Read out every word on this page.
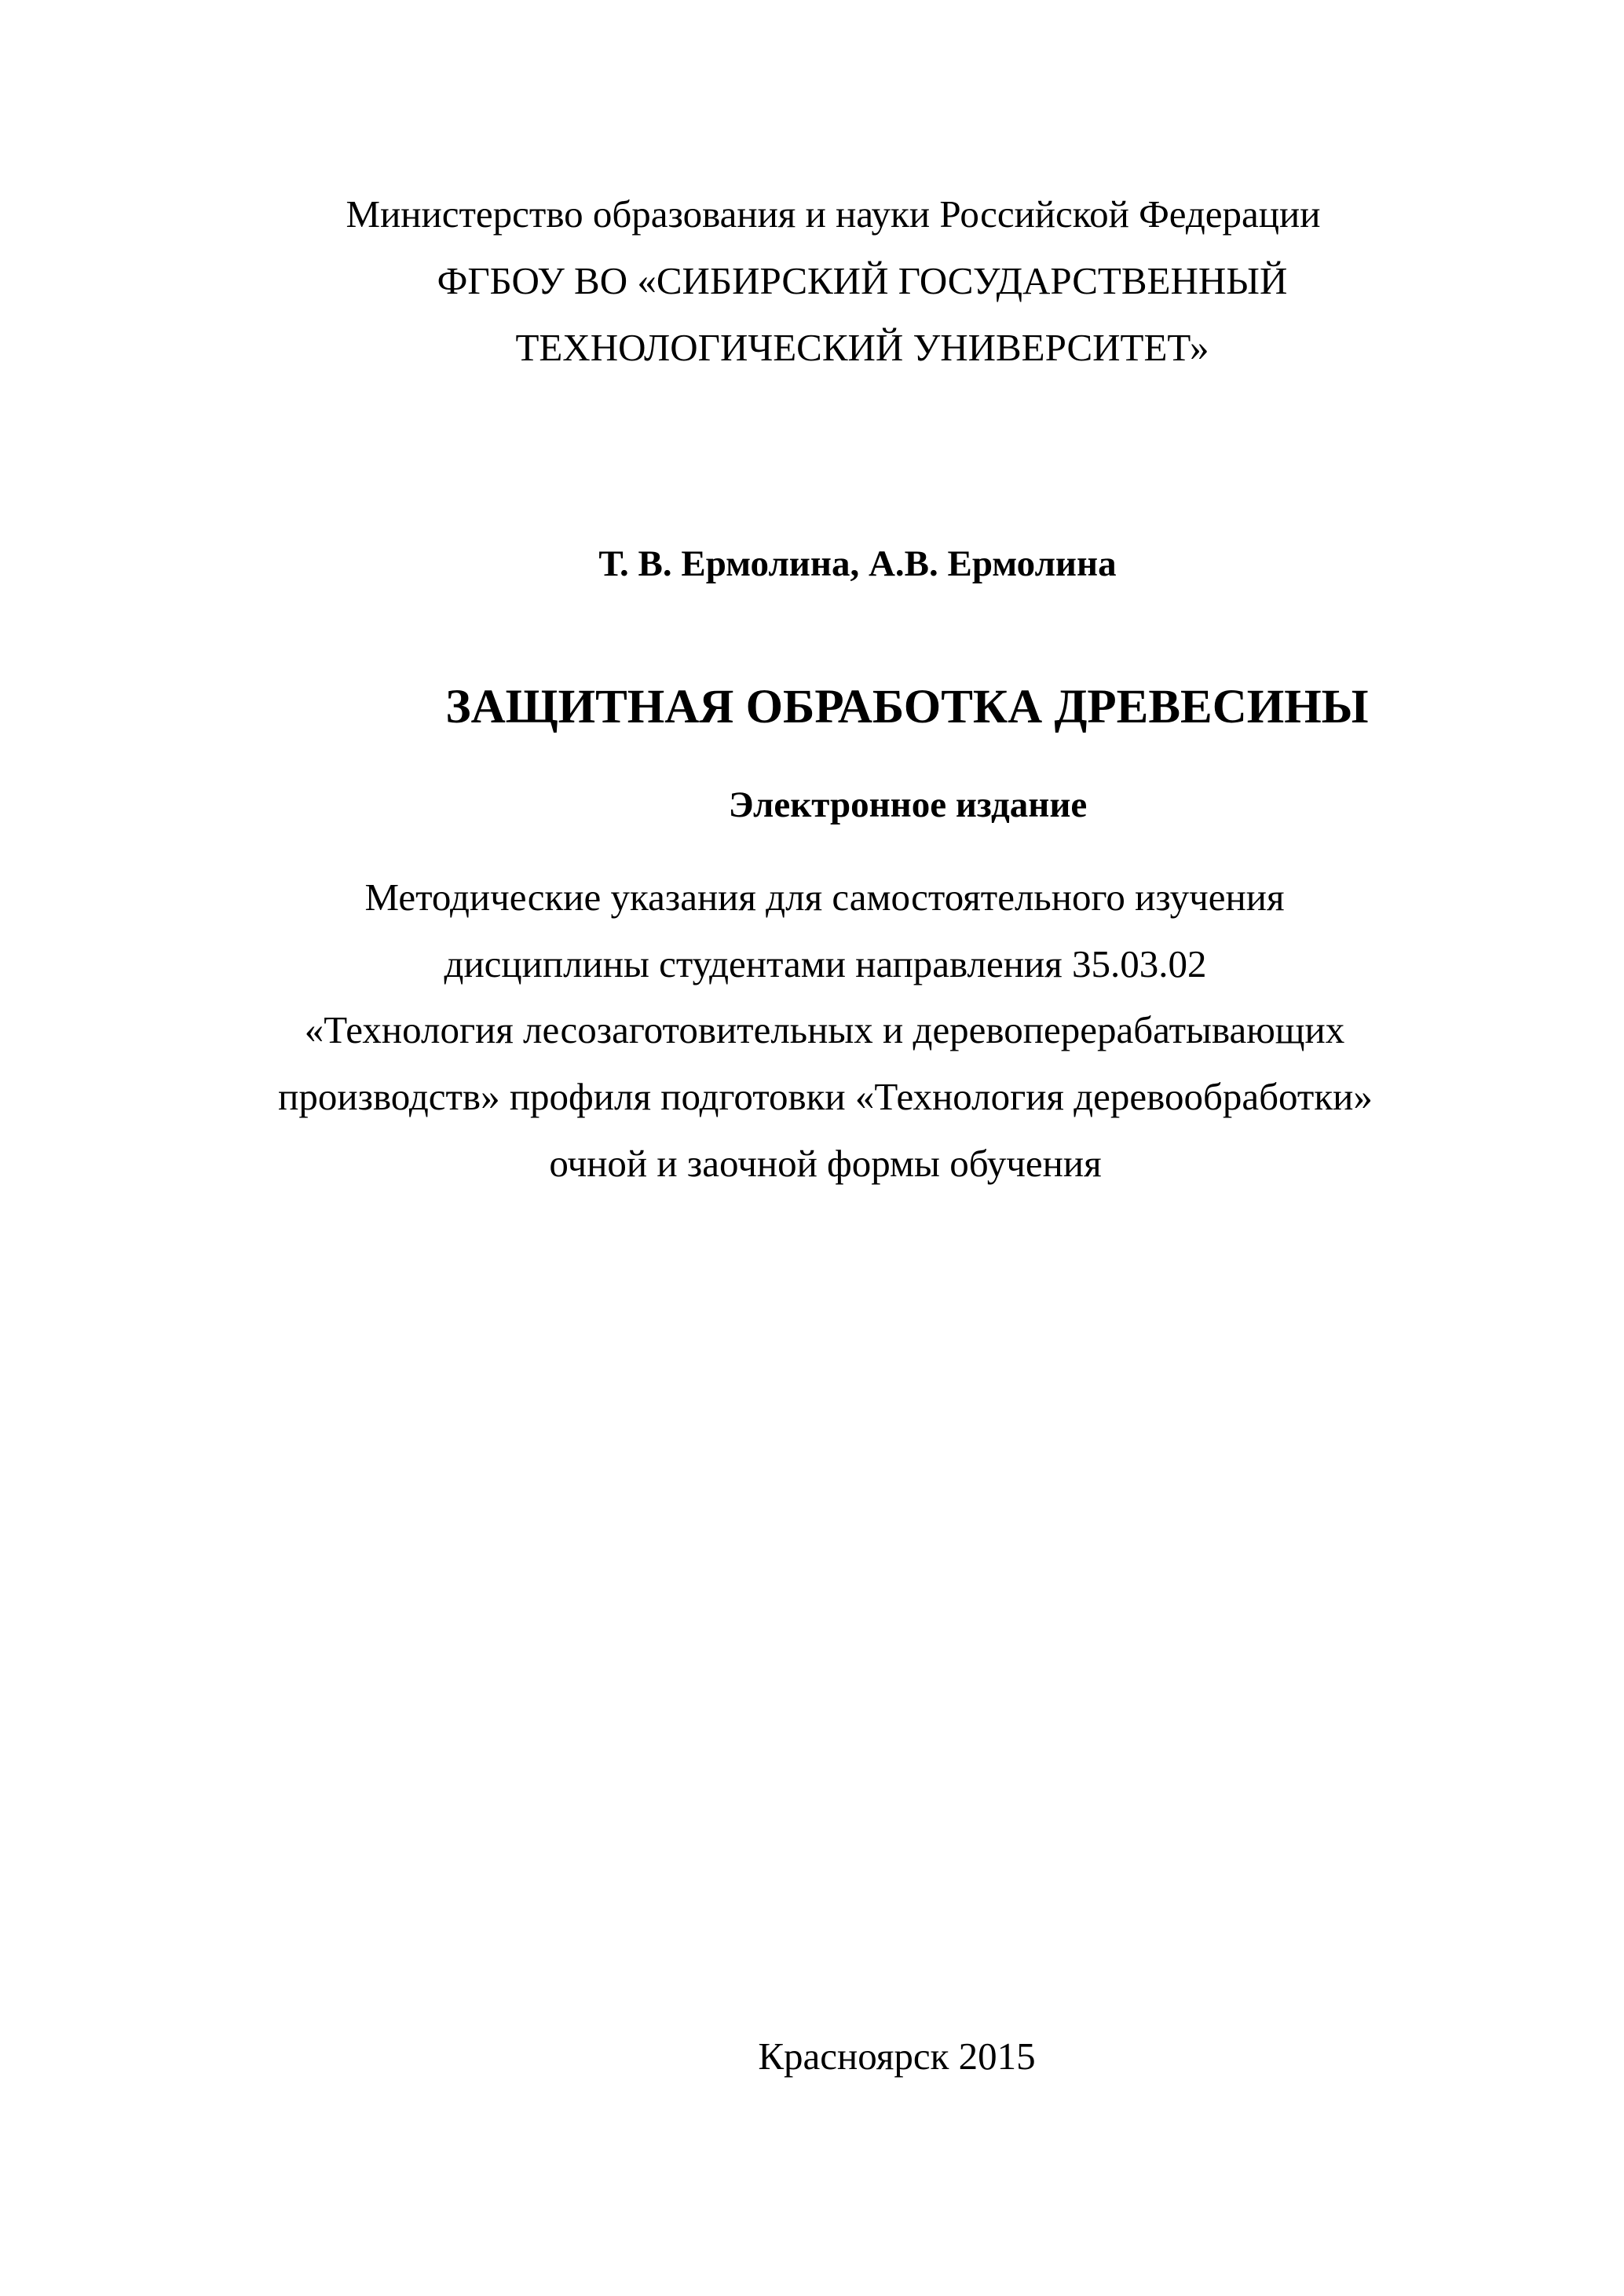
Министерство образования и науки Российской Федерации
ФГБОУ ВО «СИБИРСКИЙ ГОСУДАРСТВЕННЫЙ
ТЕХНОЛОГИЧЕСКИЙ УНИВЕРСИТЕТ»
Т. В. Ермолина, А.В. Ермолина
ЗАЩИТНАЯ ОБРАБОТКА ДРЕВЕСИНЫ
Электронное издание
Методические указания для самостоятельного изучения
дисциплины студентами направления 35.03.02
«Технология лесозаготовительных и деревоперерабатывающих
производств» профиля подготовки «Технология деревообработки»
очной и заочной формы обучения
Красноярск 2015
